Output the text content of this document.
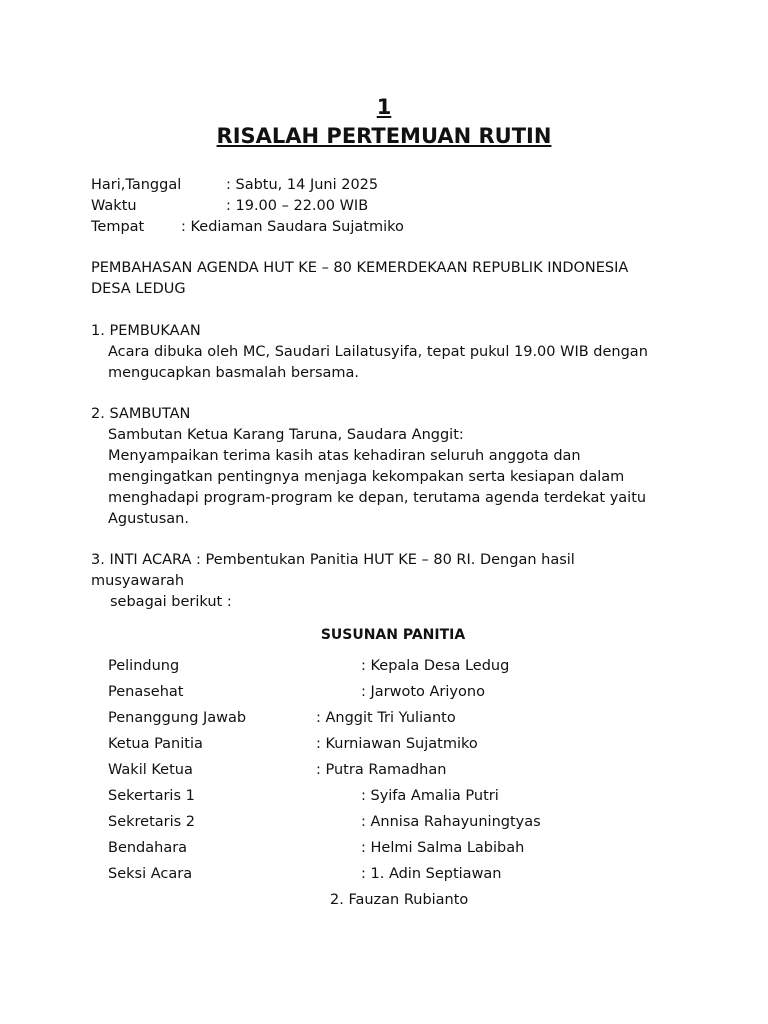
1
RISALAH PERTEMUAN RUTIN
Hari,Tanggal	: Sabtu, 14 Juni 2025
Waktu	: 19.00 – 22.00 WIB
Tempat	: Kediaman Saudara Sujatmiko
PEMBAHASAN AGENDA HUT KE – 80 KEMERDEKAAN REPUBLIK INDONESIA
DESA LEDUG
1. PEMBUKAAN
Acara dibuka oleh MC, Saudari Lailatusyifa, tepat pukul 19.00 WIB dengan
mengucapkan basmalah bersama.
2. SAMBUTAN
Sambutan Ketua Karang Taruna, Saudara Anggit:
Menyampaikan terima kasih atas kehadiran seluruh anggota dan
mengingatkan pentingnya menjaga kekompakan serta kesiapan dalam
menghadapi program-program ke depan, terutama agenda terdekat yaitu
Agustusan.
3. INTI ACARA : Pembentukan Panitia HUT KE – 80 RI. Dengan hasil
musyawarah
sebagai berikut :
SUSUNAN PANITIA
Pelindung	: Kepala Desa Ledug
Penasehat	: Jarwoto Ariyono
Penanggung Jawab	: Anggit Tri Yulianto
Ketua Panitia	: Kurniawan Sujatmiko
Wakil Ketua	: Putra Ramadhan
Sekertaris 1	: Syifa Amalia Putri
Sekretaris 2	: Annisa Rahayuningtyas
Bendahara	: Helmi Salma Labibah
Seksi Acara	: 1. Adin Septiawan
2. Fauzan Rubianto
